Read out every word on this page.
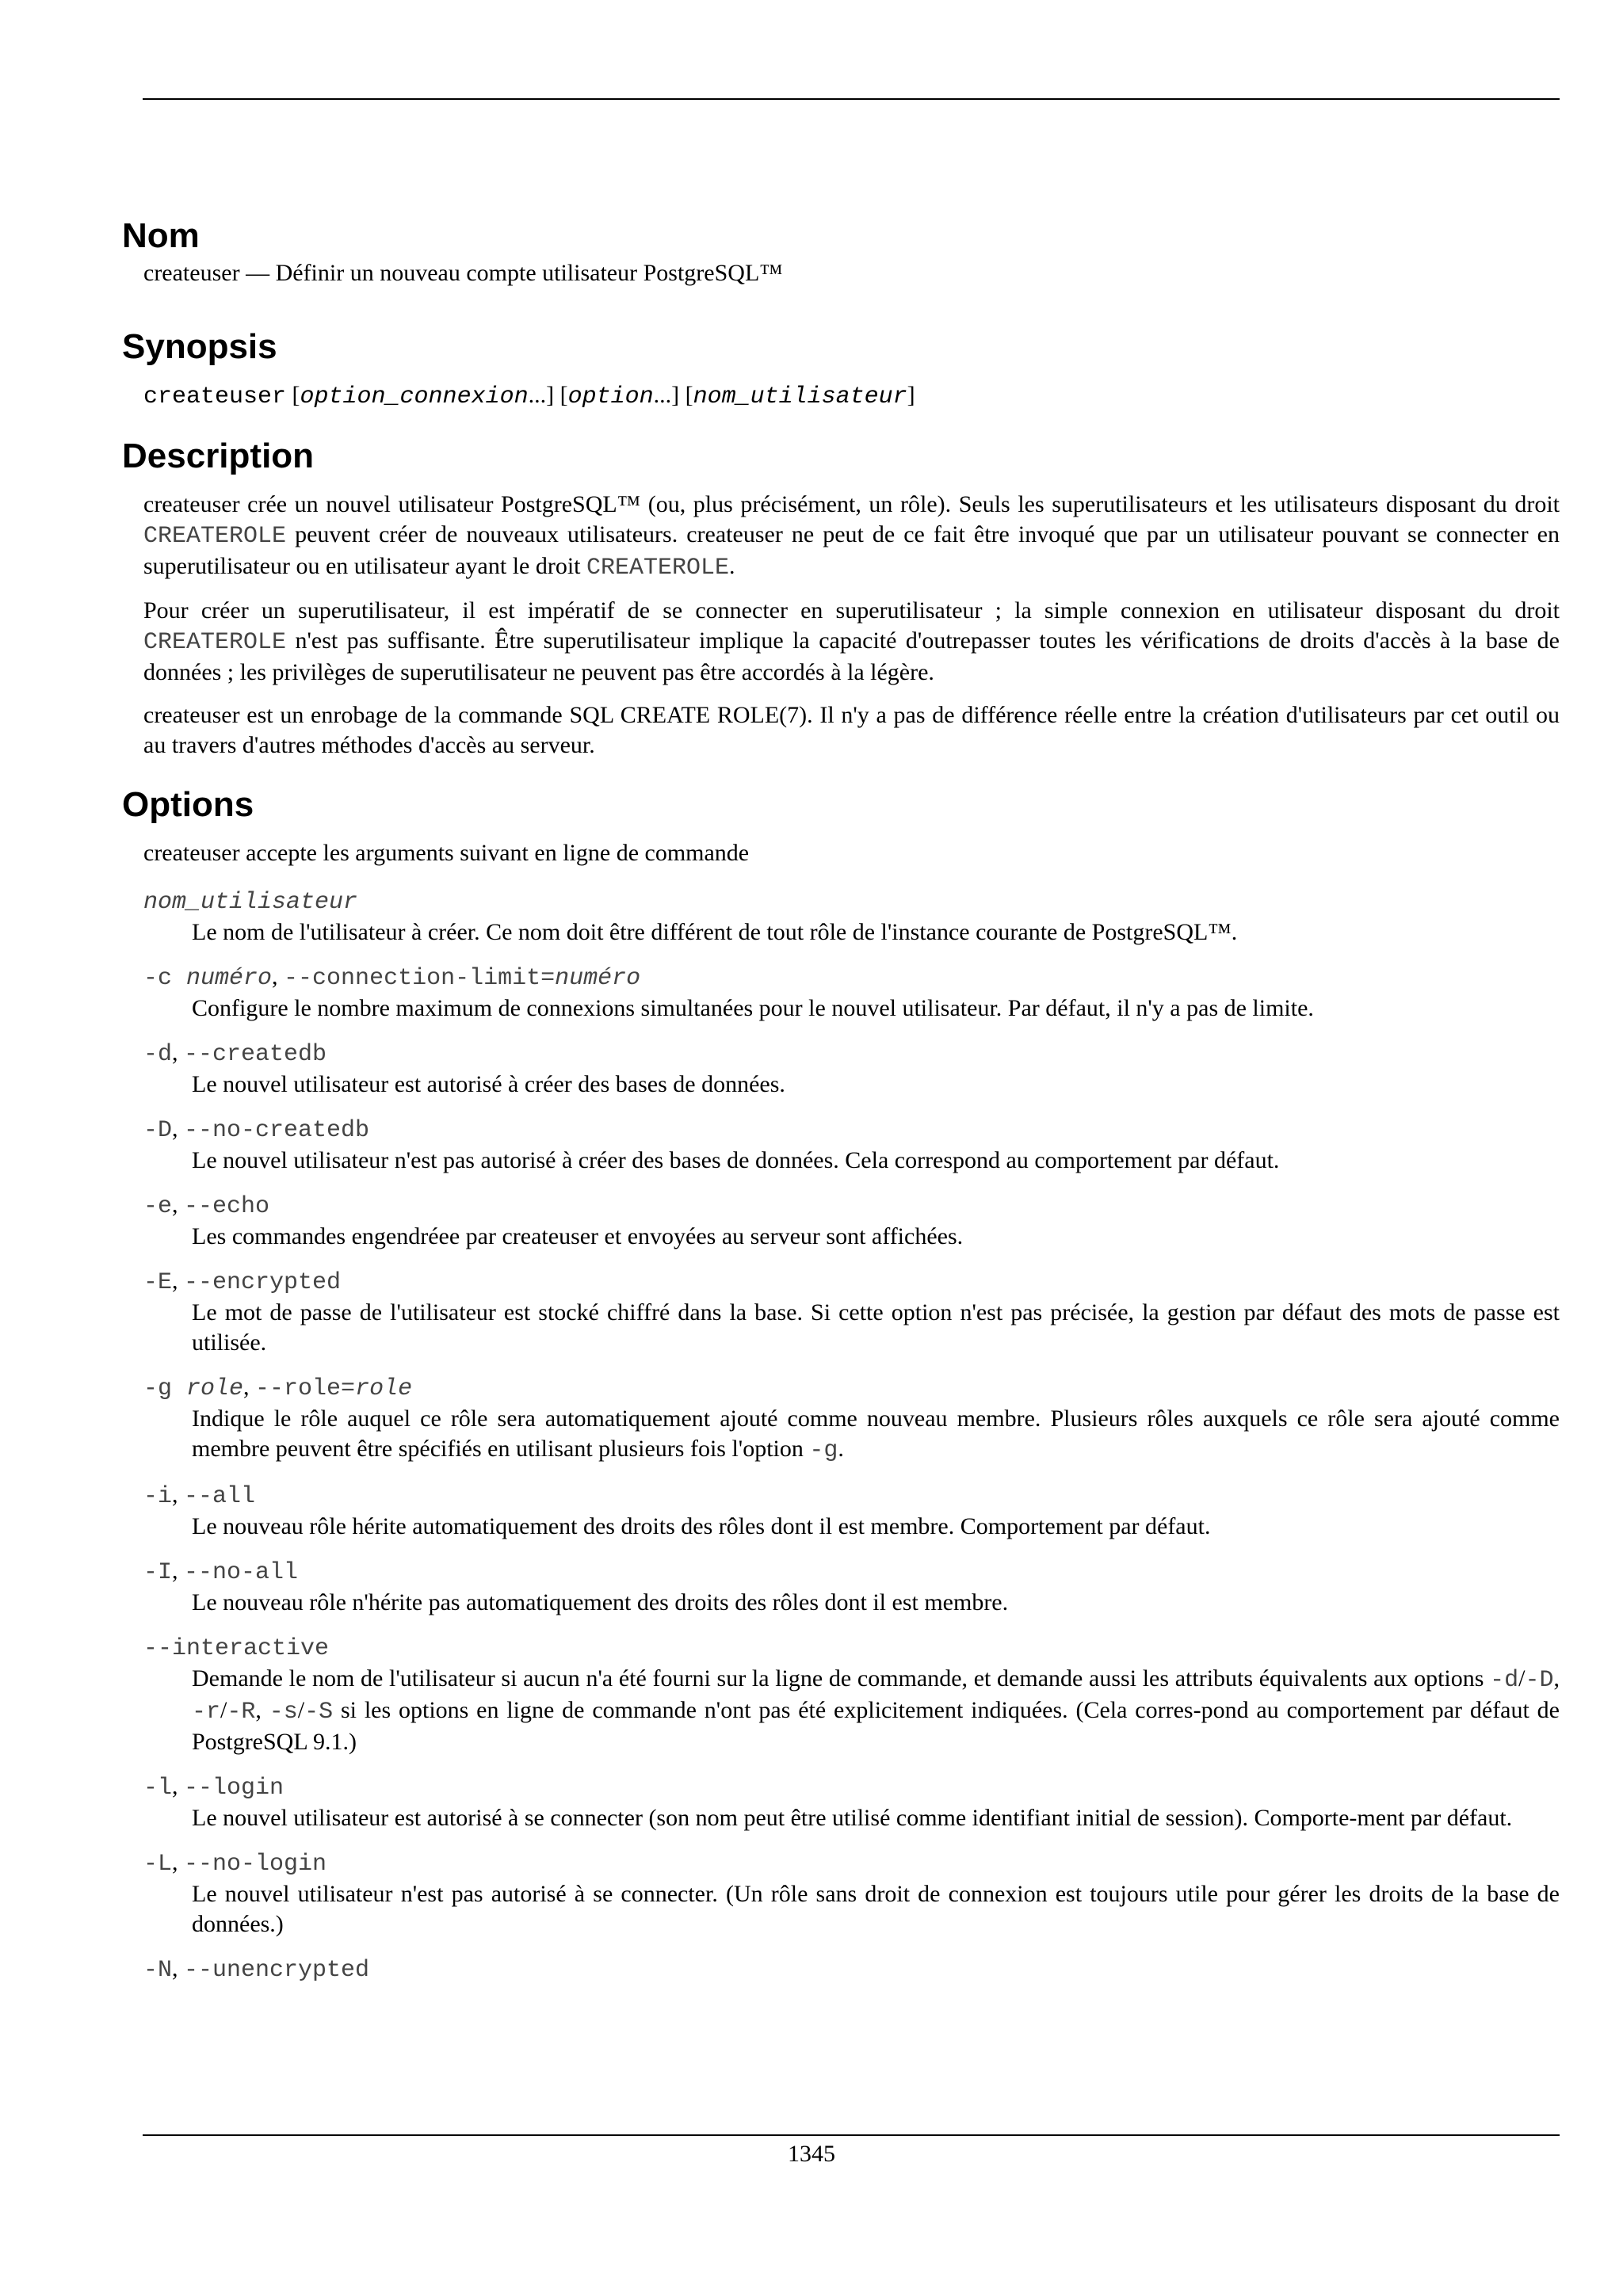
Nom
createuser — Définir un nouveau compte utilisateur PostgreSQL™
Synopsis
createuser [option_connexion...] [option...] [nom_utilisateur]
Description
createuser crée un nouvel utilisateur PostgreSQL™ (ou, plus précisément, un rôle). Seuls les superutilisateurs et les utilisateurs disposant du droit CREATEROLE peuvent créer de nouveaux utilisateurs. createuser ne peut de ce fait être invoqué que par un utilisateur pouvant se connecter en superutilisateur ou en utilisateur ayant le droit CREATEROLE.
Pour créer un superutilisateur, il est impératif de se connecter en superutilisateur ; la simple connexion en utilisateur disposant du droit CREATEROLE n'est pas suffisante. Être superutilisateur implique la capacité d'outrepasser toutes les vérifications de droits d'accès à la base de données ; les privilèges de superutilisateur ne peuvent pas être accordés à la légère.
createuser est un enrobage de la commande SQL CREATE ROLE(7). Il n'y a pas de différence réelle entre la création d'utilisateurs par cet outil ou au travers d'autres méthodes d'accès au serveur.
Options
createuser accepte les arguments suivant en ligne de commande
nom_utilisateur
Le nom de l'utilisateur à créer. Ce nom doit être différent de tout rôle de l'instance courante de PostgreSQL™.
-c numéro, --connection-limit=numéro
Configure le nombre maximum de connexions simultanées pour le nouvel utilisateur. Par défaut, il n'y a pas de limite.
-d, --createdb
Le nouvel utilisateur est autorisé à créer des bases de données.
-D, --no-createdb
Le nouvel utilisateur n'est pas autorisé à créer des bases de données. Cela correspond au comportement par défaut.
-e, --echo
Les commandes engendréee par createuser et envoyées au serveur sont affichées.
-E, --encrypted
Le mot de passe de l'utilisateur est stocké chiffré dans la base. Si cette option n'est pas précisée, la gestion par défaut des mots de passe est utilisée.
-g role, --role=role
Indique le rôle auquel ce rôle sera automatiquement ajouté comme nouveau membre. Plusieurs rôles auxquels ce rôle sera ajouté comme membre peuvent être spécifiés en utilisant plusieurs fois l'option -g.
-i, --all
Le nouveau rôle hérite automatiquement des droits des rôles dont il est membre. Comportement par défaut.
-I, --no-all
Le nouveau rôle n'hérite pas automatiquement des droits des rôles dont il est membre.
--interactive
Demande le nom de l'utilisateur si aucun n'a été fourni sur la ligne de commande, et demande aussi les attributs équivalents aux options -d/-D, -r/-R, -s/-S si les options en ligne de commande n'ont pas été explicitement indiquées. (Cela corres-pond au comportement par défaut de PostgreSQL 9.1.)
-l, --login
Le nouvel utilisateur est autorisé à se connecter (son nom peut être utilisé comme identifiant initial de session). Comporte-ment par défaut.
-L, --no-login
Le nouvel utilisateur n'est pas autorisé à se connecter. (Un rôle sans droit de connexion est toujours utile pour gérer les droits de la base de données.)
-N, --unencrypted
1345
